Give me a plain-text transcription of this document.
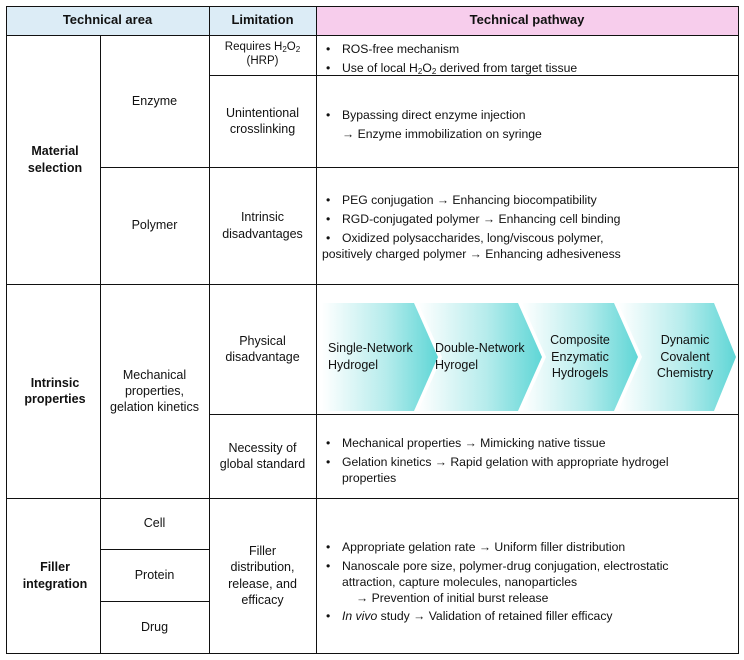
Technical area	Limitation	Technical pathway
Material selection
Enzyme
Requires $H_2O_2$
(HRP)
• ROS-free mechanism
• Use of local $H_2O_2$ derived from target tissue
Unintentional crosslinking
• Bypassing direct enzyme injection
→ Enzyme immobilization on syringe
Polymer
Intrinsic disadvantages
• PEG conjugation → Enhancing biocompatibility
• RGD-conjugated polymer → Enhancing cell binding
• Oxidized polysaccharides, long/viscous polymer,
positively charged polymer → Enhancing adhesiveness
Intrinsic properties
Mechanical properties, gelation kinetics
Physical disadvantage
Single-Network Hydrogel
Double-Network Hyrogel
Composite Enzymatic Hydrogels
Dynamic Covalent Chemistry
Necessity of global standard
• Mechanical properties → Mimicking native tissue
• Gelation kinetics → Rapid gelation with appropriate hydrogel properties
Filler integration
Cell
Protein
Drug
Filler distribution, release, and efficacy
• Appropriate gelation rate → Uniform filler distribution
• Nanoscale pore size, polymer-drug conjugation, electrostatic attraction, capture molecules, nanoparticles
→ Prevention of initial burst release
• In vivo study → Validation of retained filler efficacy
